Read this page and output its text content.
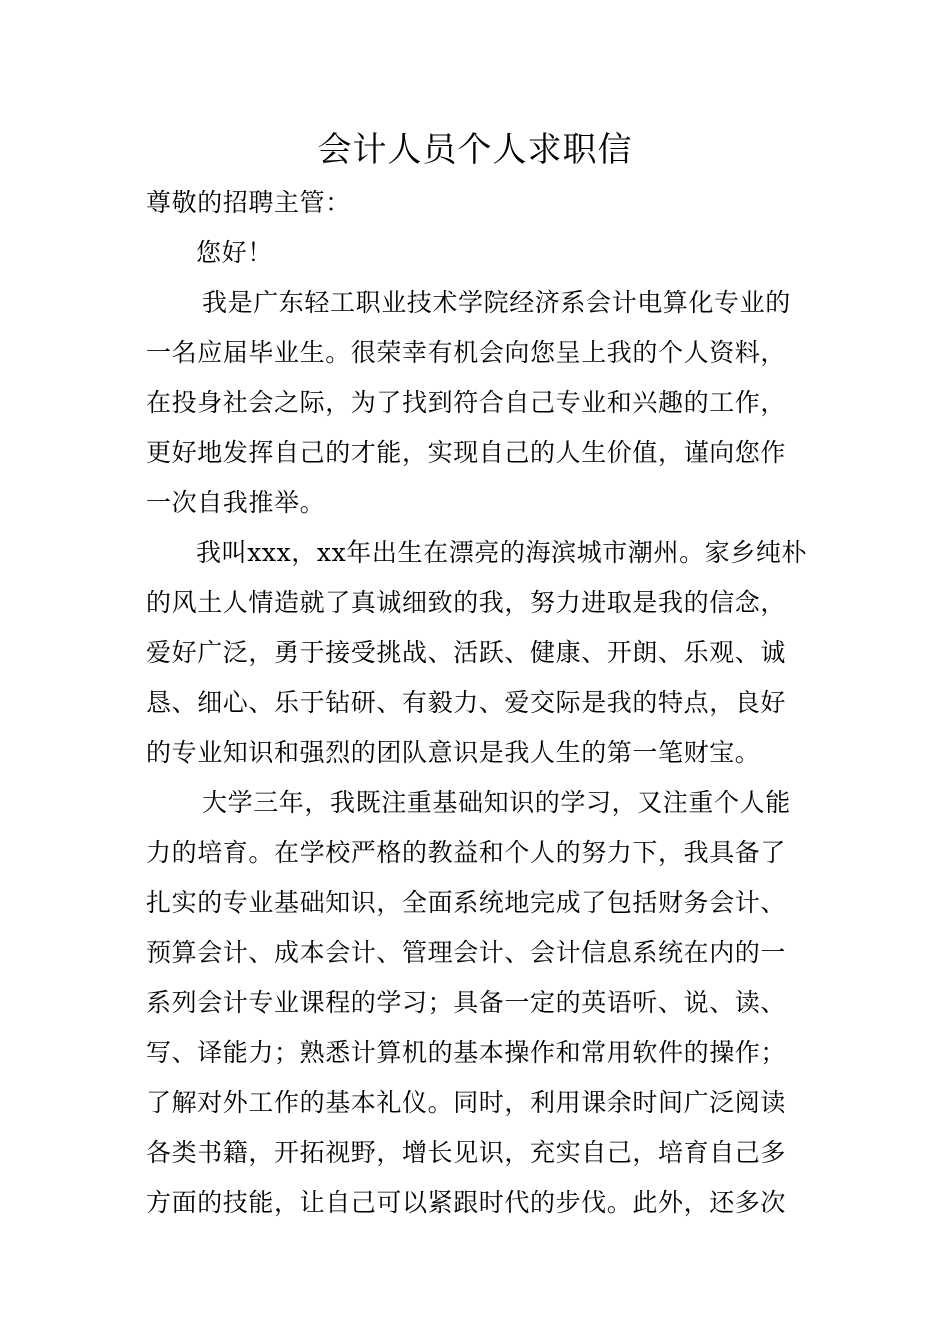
会计人员个人求职信
尊敬的招聘主管：
您好！
我是广东轻工职业技术学院经济系会计电算化专业的
一名应届毕业生。很荣幸有机会向您呈上我的个人资料，
在投身社会之际，为了找到符合自己专业和兴趣的工作，
更好地发挥自己的才能，实现自己的人生价值，谨向您作
一次自我推举。
我叫xxx，xx年出生在漂亮的海滨城市潮州。家乡纯朴
的风土人情造就了真诚细致的我，努力进取是我的信念，
爱好广泛，勇于接受挑战、活跃、健康、开朗、乐观、诚
恳、细心、乐于钻研、有毅力、爱交际是我的特点，良好
的专业知识和强烈的团队意识是我人生的第一笔财宝。
大学三年，我既注重基础知识的学习，又注重个人能
力的培育。在学校严格的教益和个人的努力下，我具备了
扎实的专业基础知识，全面系统地完成了包括财务会计、
预算会计、成本会计、管理会计、会计信息系统在内的一
系列会计专业课程的学习；具备一定的英语听、说、读、
写、译能力；熟悉计算机的基本操作和常用软件的操作；
了解对外工作的基本礼仪。同时，利用课余时间广泛阅读
各类书籍，开拓视野，增长见识，充实自己，培育自己多
方面的技能，让自己可以紧跟时代的步伐。此外，还多次
